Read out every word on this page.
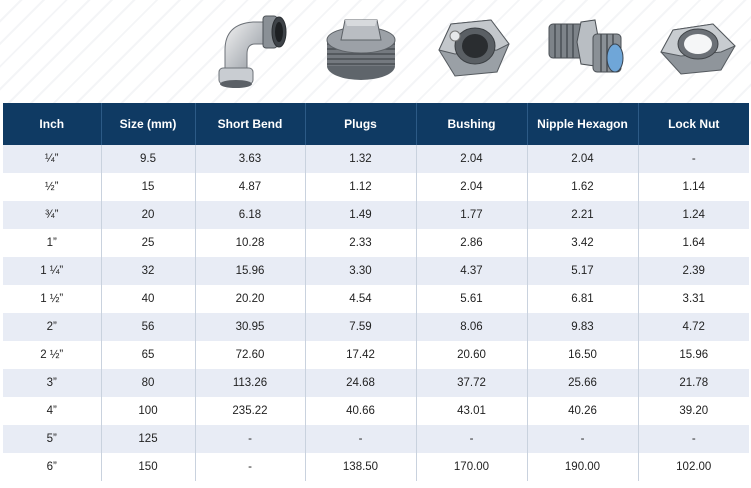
Inch	Size (mm)	Short Bend	Plugs	Bushing	Nipple Hexagon	Lock Nut
¼”	9.5	3.63	1.32	2.04	2.04	-
½”	15	4.87	1.12	2.04	1.62	1.14
¾”	20	6.18	1.49	1.77	2.21	1.24
1”	25	10.28	2.33	2.86	3.42	1.64
1 ¼”	32	15.96	3.30	4.37	5.17	2.39
1 ½”	40	20.20	4.54	5.61	6.81	3.31
2”	56	30.95	7.59	8.06	9.83	4.72
2 ½”	65	72.60	17.42	20.60	16.50	15.96
3”	80	113.26	24.68	37.72	25.66	21.78
4”	100	235.22	40.66	43.01	40.26	39.20
5”	125	-	-	-	-	-
6”	150	-	138.50	170.00	190.00	102.00
